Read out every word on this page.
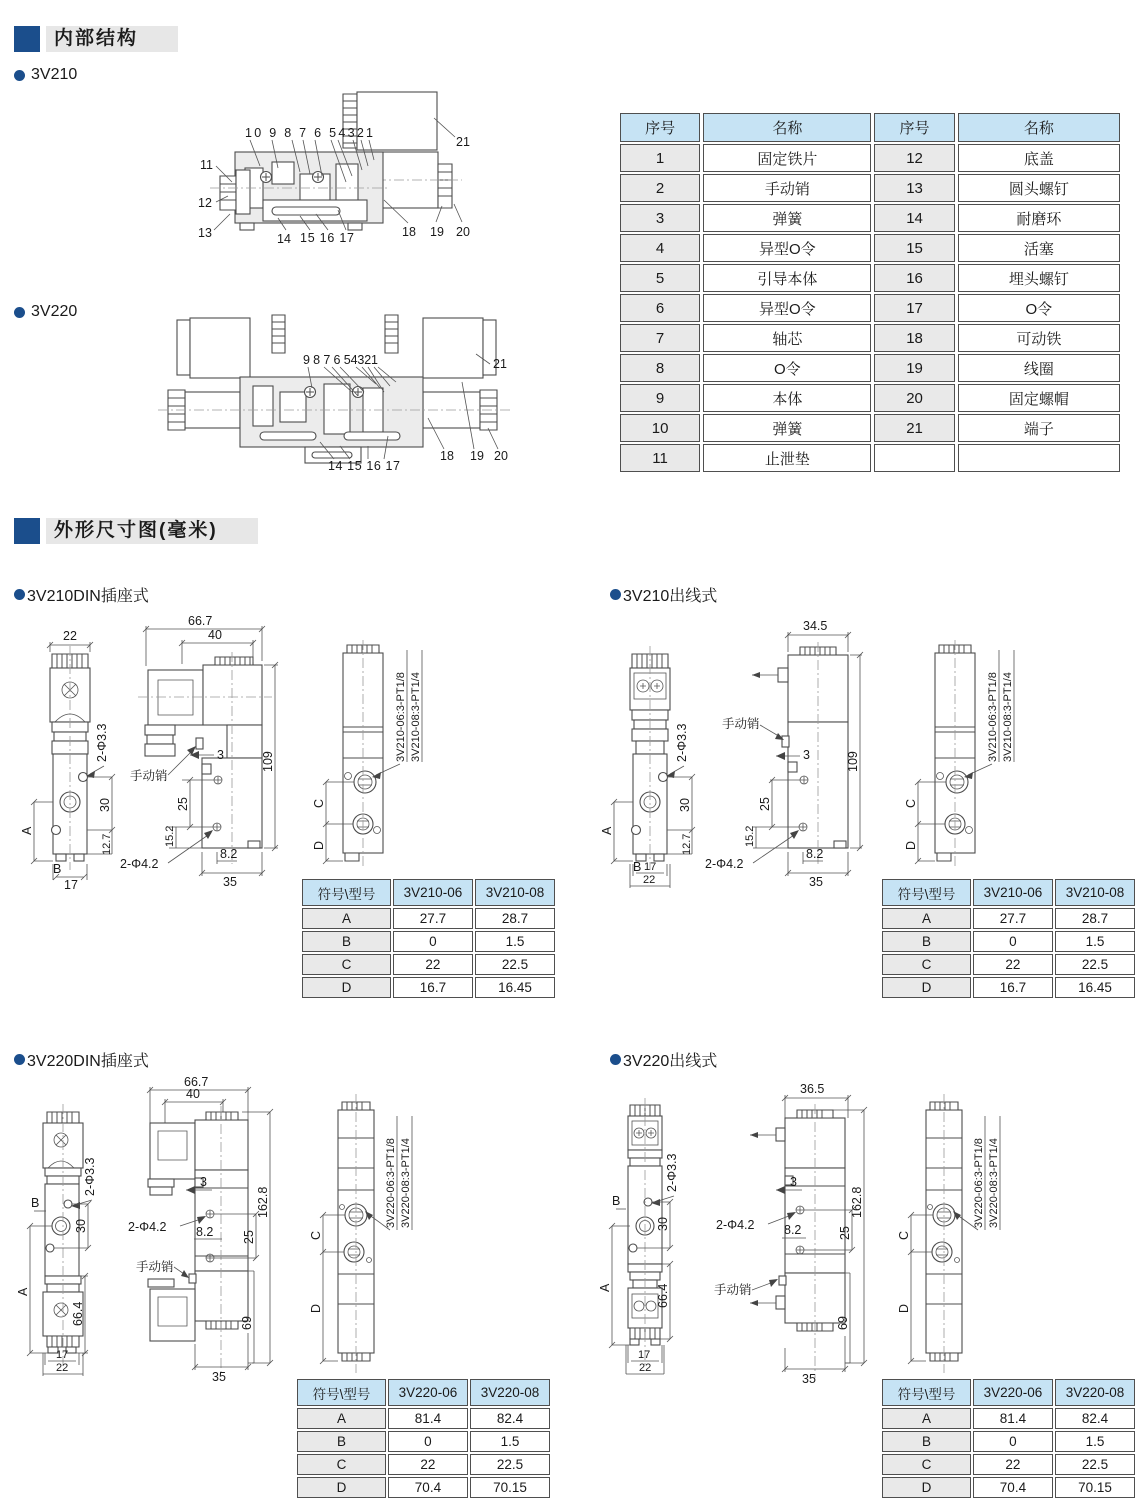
内部结构
3V210
10 9 8 7 6 54321
21
11
12
13	14 15 16 17	18 19 20
3V220
9 8 7 6 54321	21
14 15 16 17
18 19 20
序号	名称	序号	名称
1	固定铁片	12	底盖
2	手动销	13	圆头螺钉
3	弹簧	14	耐磨环
4	异型O令	15	活塞
5	引导本体	16	埋头螺钉
6	异型O令	17	O令
7	轴芯	18	可动铁
8	O令	19	线圈
9	本体	20	固定螺帽
10	弹簧	21	端子
11	止泄垫		
外形尺寸图(毫米)
3V210DIN插座式	3V210出线式
22
2-Φ3.3
30
12.7
A
B
17
66.7
40
3
手动销
109
25
15.2
2-Φ4.2
8.2
35
C
D
3V210-06:3-PT1/8 3V210-08:3-PT1/4	2-Φ3.3
30
12.7
A
B 17
22
34.5
手动销
3	109
25
15.2
2-Φ4.2
8.2
35
C
D
3V210-06:3-PT1/8 3V210-08:3-PT1/4
符号\型号	3V210-06	3V210-08
A	27.7	28.7
B	0	1.5
C	22	22.5
D	16.7	16.45
符号\型号	3V210-06	3V210-08
A	27.7	28.7
B	0	1.5
C	22	22.5
D	16.7	16.45
3V220DIN插座式	3V220出线式
2-Φ3.3
B
30
A
66.4
17
22
66.7
40
3
2-Φ4.2 8.2 25
162.8
69
手动销
35
C
D
3V220-06:3-PT1/8 3V220-08:3-PT1/4	2-Φ3.3
B
30
A	66.4
17
22
36.5
3
2-Φ4.2 8.2	25
162.8
69
手动销
35
C
D
3V220-06:3-PT1/8 3V220-08:3-PT1/4
符号\型号	3V220-06	3V220-08
A	81.4	82.4
B	0	1.5
C	22	22.5
D	70.4	70.15
符号\型号	3V220-06	3V220-08
A	81.4	82.4
B	0	1.5
C	22	22.5
D	70.4	70.15
